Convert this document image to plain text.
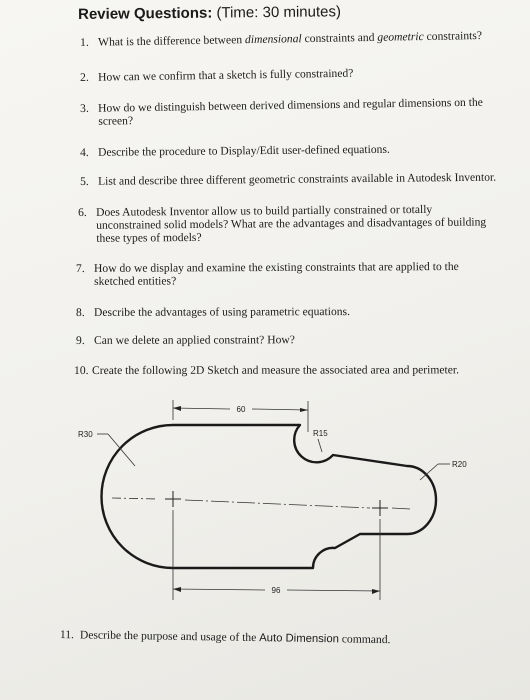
Review Questions: (Time: 30 minutes)
1. What is the difference between dimensional constraints and geometric constraints?
2. How can we confirm that a sketch is fully constrained?
3. How do we distinguish between derived dimensions and regular dimensions on the
screen?
4. Describe the procedure to Display/Edit user-defined equations.
5. List and describe three different geometric constraints available in Autodesk Inventor.
6. Does Autodesk Inventor allow us to build partially constrained or totally
unconstrained solid models? What are the advantages and disadvantages of building
these types of models?
7. How do we display and examine the existing constraints that are applied to the
sketched entities?
8. Describe the advantages of using parametric equations.
9. Can we delete an applied constraint? How?
10. Create the following 2D Sketch and measure the associated area and perimeter.
60
R30	R15
R20
96
11. Describe the purpose and usage of the Auto Dimension command.
